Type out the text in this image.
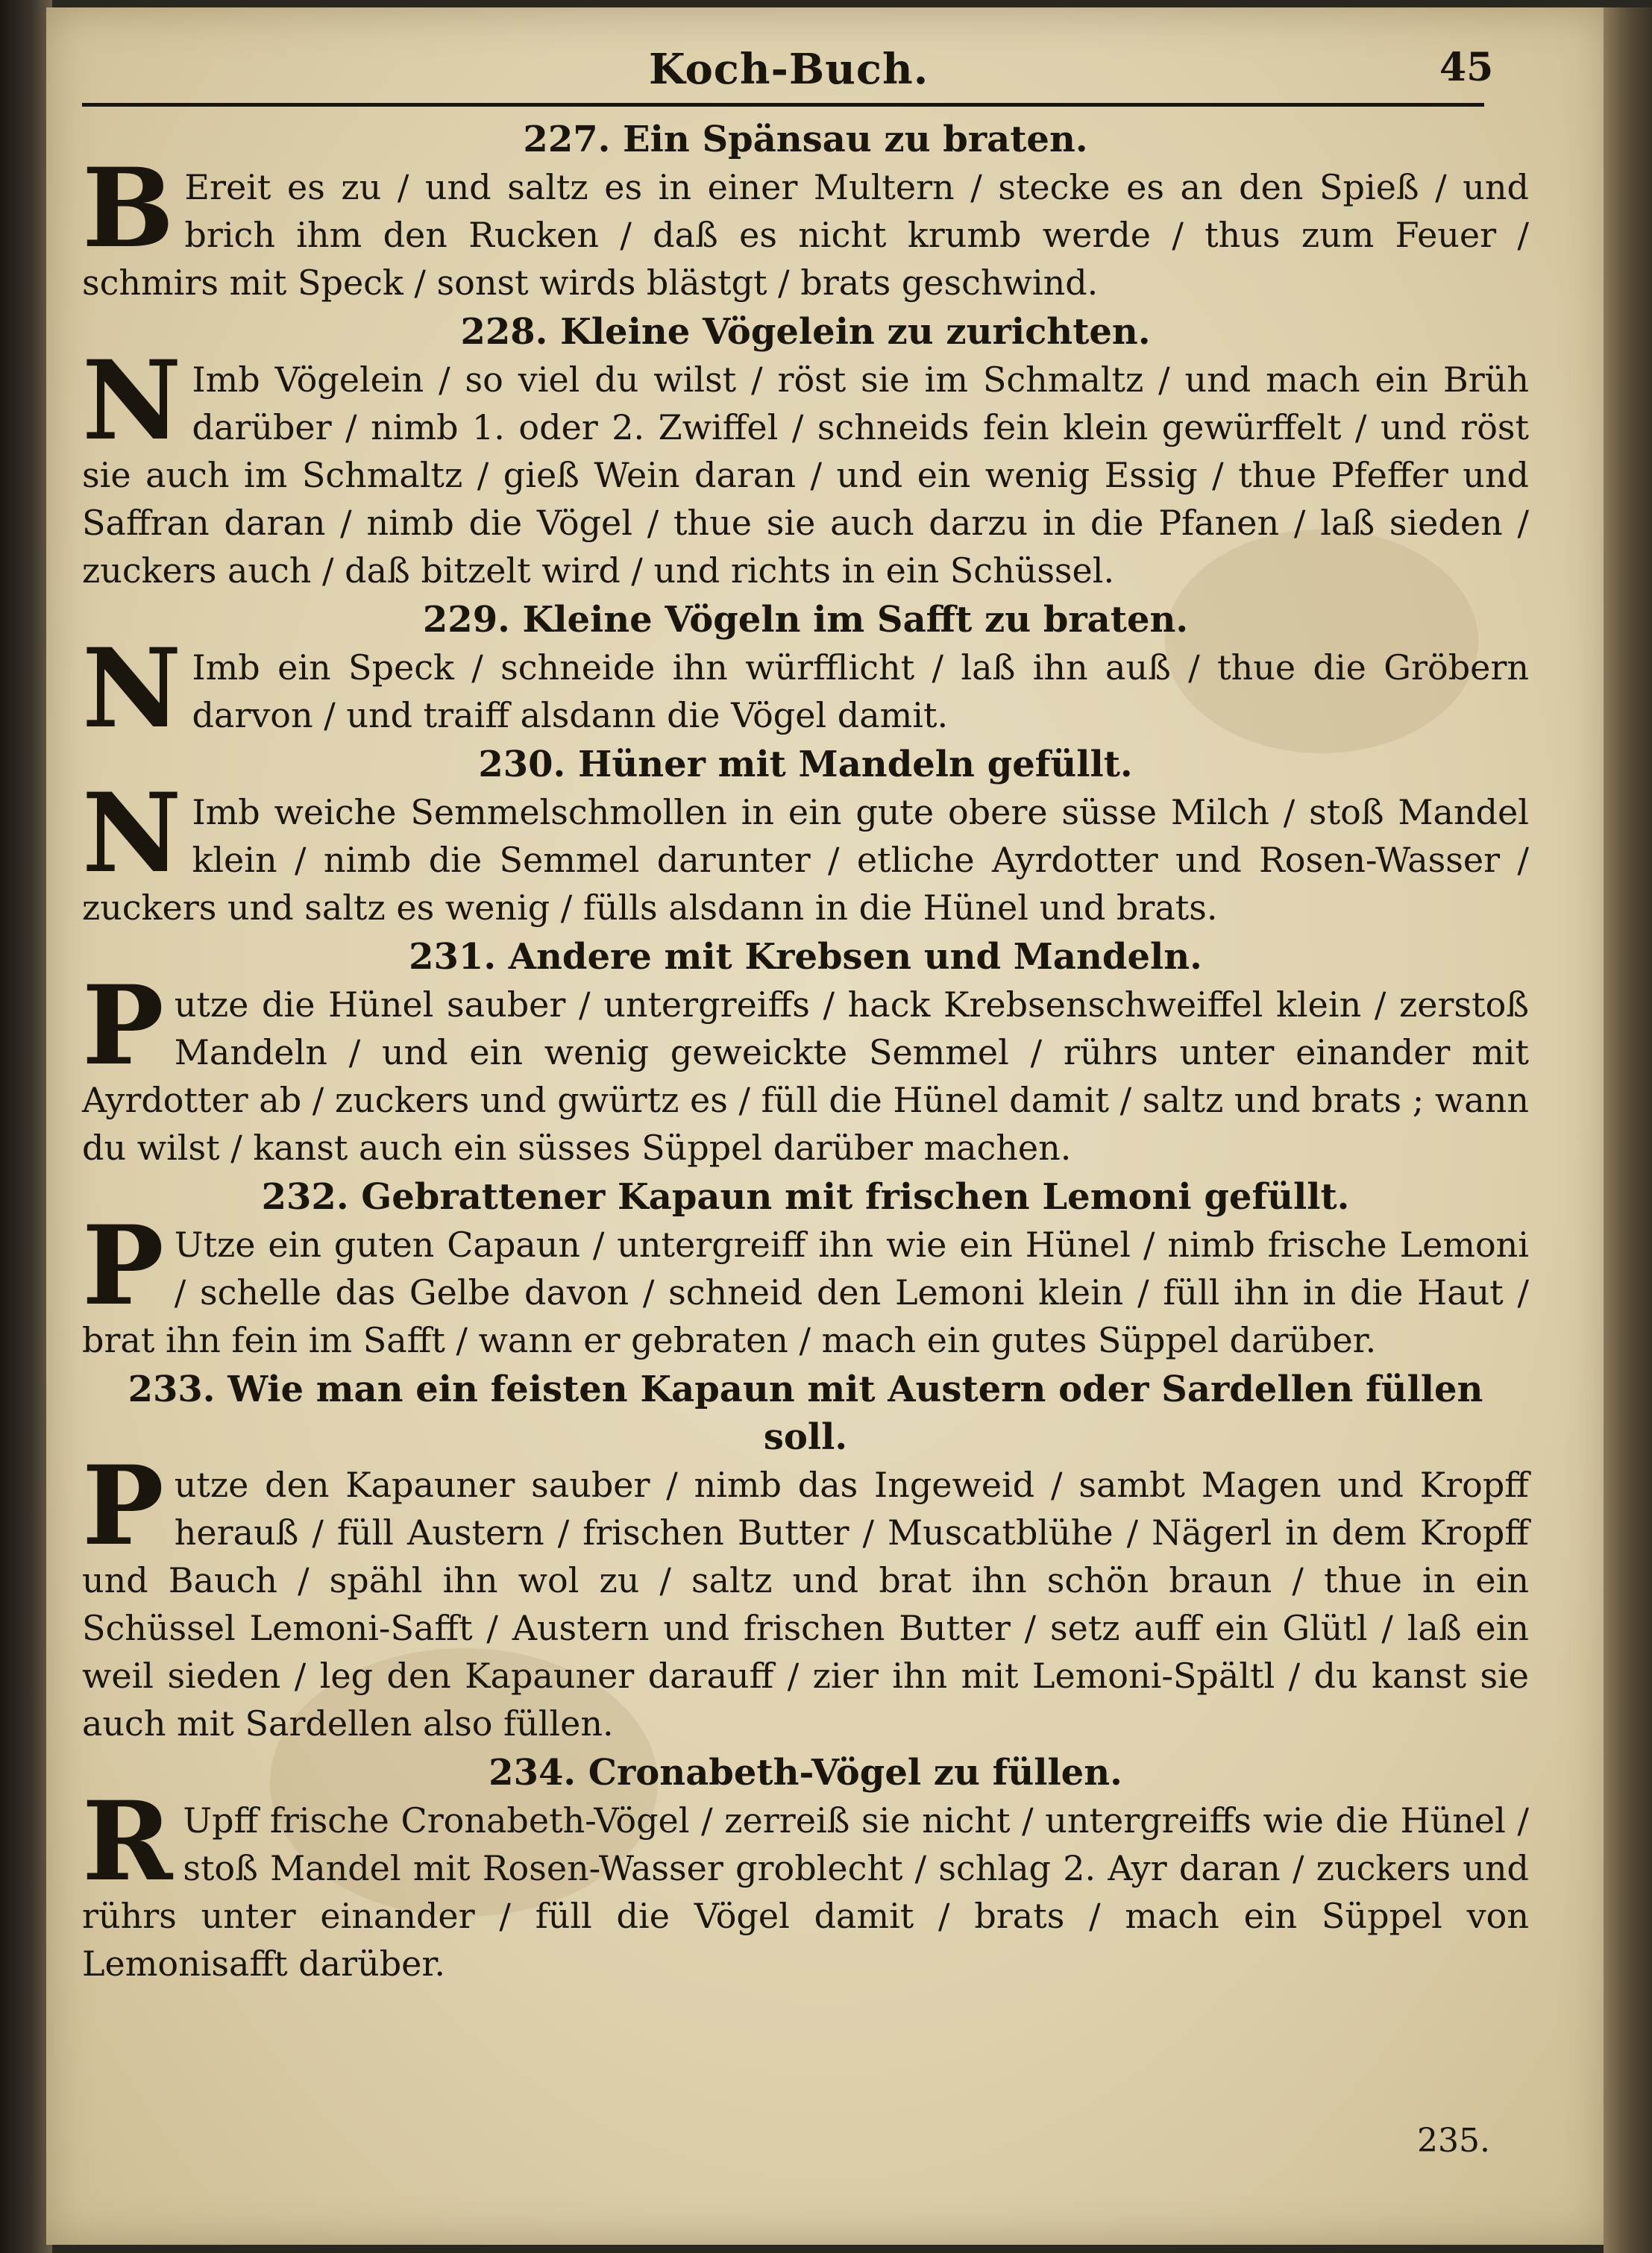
Koch-Buch.	45

227. Ein Spänsau zu braten.

BEreit es zu / und saltz es in einer Multern / stecke es an den Spieß / und brich ihm den Rucken / daß es nicht krumb werde / thus zum Feuer / schmirs mit Speck / sonst wirds blästgt / brats geschwind.

228. Kleine Vögelein zu zurichten.

NImb Vögelein / so viel du wilst / röst sie im Schmaltz / und mach ein Brüh darüber / nimb 1. oder 2. Zwiffel / schneids fein klein gewürffelt / und röst sie auch im Schmaltz / gieß Wein daran / und ein wenig Essig / thue Pfeffer und Saffran daran / nimb die Vögel / thue sie auch darzu in die Pfanen / laß sieden / zuckers auch / daß bitzelt wird / und richts in ein Schüssel.

229. Kleine Vögeln im Safft zu braten.

NImb ein Speck / schneide ihn würfflicht / laß ihn auß / thue die Gröbern darvon / und traiff alsdann die Vögel damit.

230. Hüner mit Mandeln gefüllt.

NImb weiche Semmelschmollen in ein gute obere süsse Milch / stoß Mandel klein / nimb die Semmel darunter / etliche Ayrdotter und Rosen-Wasser / zuckers und saltz es wenig / fülls alsdann in die Hünel und brats.

231. Andere mit Krebsen und Mandeln.

Putze die Hünel sauber / untergreiffs / hack Krebsenschweiffel klein / zerstoß Mandeln / und ein wenig geweickte Semmel / rührs unter einander mit Ayrdotter ab / zuckers und gwürtz es / füll die Hünel damit / saltz und brats ; wann du wilst / kanst auch ein süsses Süppel darüber machen.

232. Gebrattener Kapaun mit frischen Lemoni gefüllt.

PUtze ein guten Capaun / untergreiff ihn wie ein Hünel / nimb frische Lemoni / schelle das Gelbe davon / schneid den Lemoni klein / füll ihn in die Haut / brat ihn fein im Safft / wann er gebraten / mach ein gutes Süppel darüber.

233. Wie man ein feisten Kapaun mit Austern oder Sardellen füllen soll.

Putze den Kapauner sauber / nimb das Ingeweid / sambt Magen und Kropff herauß / füll Austern / frischen Butter / Muscatblühe / Nägerl in dem Kropff und Bauch / spähl ihn wol zu / saltz und brat ihn schön braun / thue in ein Schüssel Lemoni-Safft / Austern und frischen Butter / setz auff ein Glütl / laß ein weil sieden / leg den Kapauner darauff / zier ihn mit Lemoni-Spältl / du kanst sie auch mit Sardellen also füllen.

234. Cronabeth-Vögel zu füllen.

RUpff frische Cronabeth-Vögel / zerreiß sie nicht / untergreiffs wie die Hünel / stoß Mandel mit Rosen-Wasser groblecht / schlag 2. Ayr daran / zuckers und rührs unter einander / füll die Vögel damit / brats / mach ein Süppel von Lemonisafft darüber.

235.
